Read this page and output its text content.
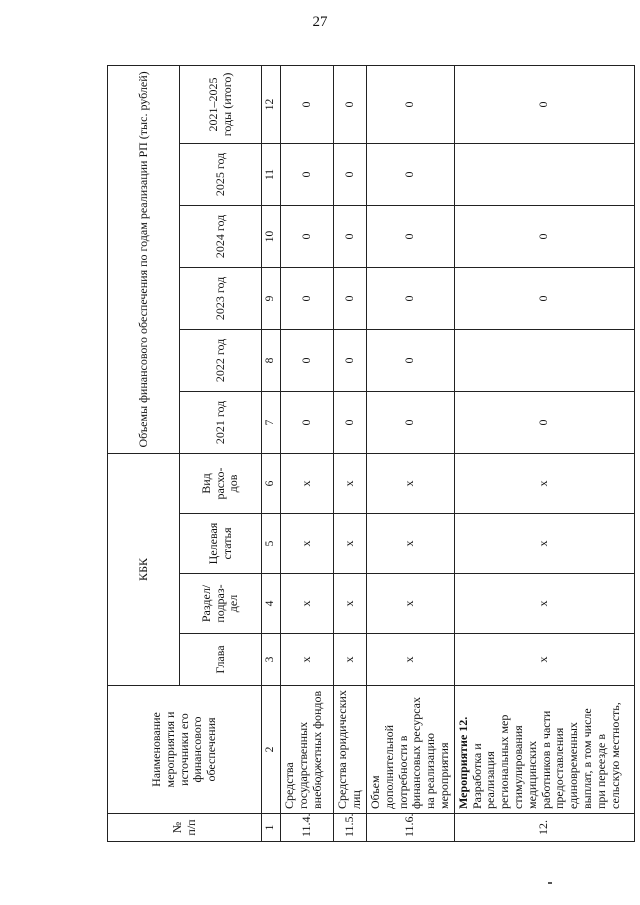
27
№ п/п	Наименование мероприятия и источники его финансового обеспечения	КБК				Объемы финансового обеспечения по годам реализации РП (тыс. рублей)					
		Глава	Раздел/ подраз- дел	Целевая статья	Вид расхо- дов	2021 год	2022 год	2023 год	2024 год	2025 год	2021–2025 годы (итого)
1	2	3	4	5	6	7	8	9	10	11	12
11.4.	Средства государственных внебюджетных фондов	х	х	х	х	0	0	0	0	0	0
11.5.	Средства юридических лиц	х	х	х	х	0	0	0	0	0	0
11.6.	Объем дополнительной потребности в финансовых ресурсах на реализацию мероприятия	х	х	х	х	0	0	0	0	0	0
12.	Мероприятие 12. Разработка и реализация региональных мер стимулирования медицинских работников в части предоставления единовременных выплат, в том числе при переезде в сельскую местность,	х	х	х	х	0		0	0		0
